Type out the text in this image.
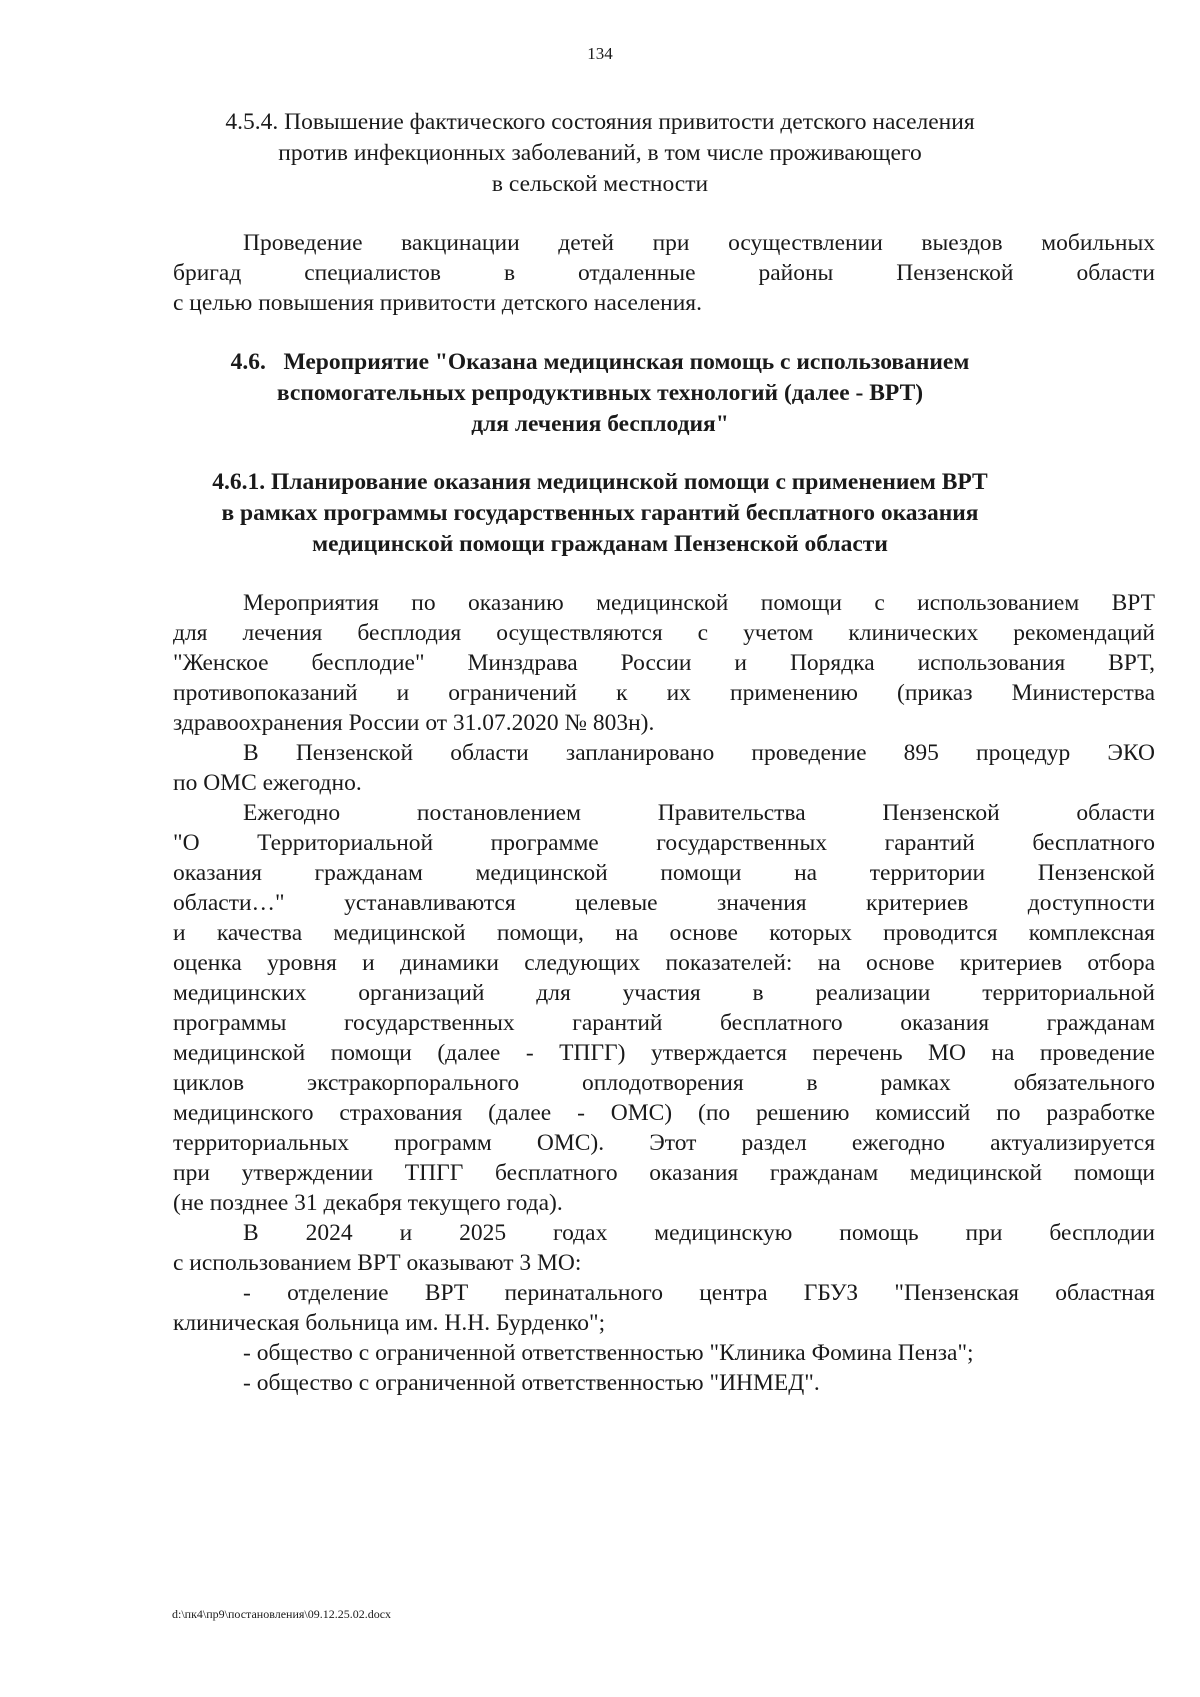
134
4.5.4. Повышение фактического состояния привитости детского населения
против инфекционных заболеваний, в том числе проживающего
в сельской местности
Проведение вакцинации детей при осуществлении выездов мобильных
бригад специалистов в отдаленные районы Пензенской области
с целью повышения привитости детского населения.
4.6.   Мероприятие "Оказана медицинская помощь с использованием
вспомогательных репродуктивных технологий (далее - ВРТ)
для лечения бесплодия"
4.6.1. Планирование оказания медицинской помощи с применением ВРТ
в рамках программы государственных гарантий бесплатного оказания
медицинской помощи гражданам Пензенской области
Мероприятия по оказанию медицинской помощи с использованием ВРТ
для лечения бесплодия осуществляются с учетом клинических рекомендаций
"Женское бесплодие" Минздрава России и Порядка использования ВРТ,
противопоказаний и ограничений к их применению (приказ Министерства
здравоохранения России от 31.07.2020 № 803н).
В Пензенской области запланировано проведение 895 процедур ЭКО
по ОМС ежегодно.
Ежегодно постановлением Правительства Пензенской области
"О Территориальной программе государственных гарантий бесплатного
оказания гражданам медицинской помощи на территории Пензенской
области…" устанавливаются целевые значения критериев доступности
и качества медицинской помощи, на основе которых проводится комплексная
оценка уровня и динамики следующих показателей: на основе критериев отбора
медицинских организаций для участия в реализации территориальной
программы государственных гарантий бесплатного оказания гражданам
медицинской помощи (далее - ТПГГ) утверждается перечень МО на проведение
циклов экстракорпорального оплодотворения в рамках обязательного
медицинского страхования (далее - ОМС) (по решению комиссий по разработке
территориальных программ ОМС). Этот раздел ежегодно актуализируется
при утверждении ТПГГ бесплатного оказания гражданам медицинской помощи
(не позднее 31 декабря текущего года).
В 2024 и 2025 годах медицинскую помощь при бесплодии
с использованием ВРТ оказывают 3 МО:
- отделение ВРТ перинатального центра ГБУЗ "Пензенская областная
клиническая больница им. Н.Н. Бурденко";
- общество с ограниченной ответственностью "Клиника Фомина Пенза";
- общество с ограниченной ответственностью "ИНМЕД".
d:\пк4\пр9\постановления\09.12.25.02.docx
